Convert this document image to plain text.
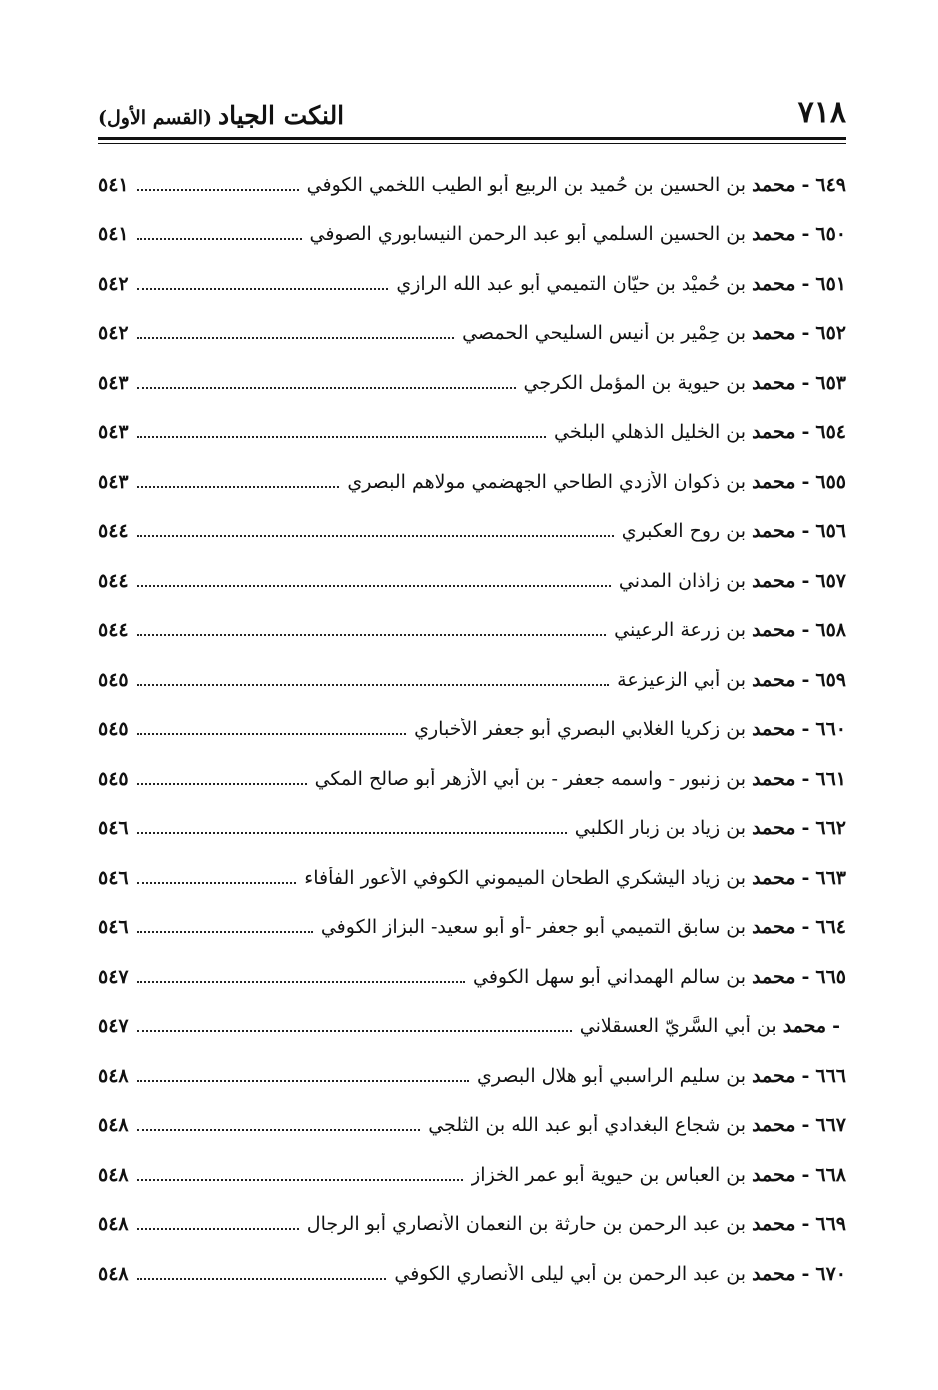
٧١٨
النكت الجياد
(القسم الأول)
٦٤٩
-
محمد بن الحسين بن حُميد بن الربيع أبو الطيب اللخمي الكوفي
٥٤١
٦٥٠
-
محمد بن الحسين السلمي أبو عبد الرحمن النيسابوري الصوفي
٥٤١
٦٥١
-
محمد بن حُميْد بن حيّان التميمي أبو عبد الله الرازي
٥٤٢
٦٥٢
-
محمد بن حِمْير بن أنيس السليحي الحمصي
٥٤٢
٦٥٣
-
محمد بن حيوية بن المؤمل الكرجي
٥٤٣
٦٥٤
-
محمد بن الخليل الذهلي البلخي
٥٤٣
٦٥٥
-
محمد بن ذكوان الأزدي الطاحي الجهضمي مولاهم البصري
٥٤٣
٦٥٦
-
محمد بن روح العكبري
٥٤٤
٦٥٧
-
محمد بن زاذان المدني
٥٤٤
٦٥٨
-
محمد بن زرعة الرعيني
٥٤٤
٦٥٩
-
محمد بن أبي الزعيزعة
٥٤٥
٦٦٠
-
محمد بن زكريا الغلابي البصري أبو جعفر الأخباري
٥٤٥
٦٦١
-
محمد بن زنبور - واسمه جعفر - بن أبي الأزهر أبو صالح المكي
٥٤٥
٦٦٢
-
محمد بن زياد بن زبار الكلبي
٥٤٦
٦٦٣
-
محمد بن زياد اليشكري الطحان الميموني الكوفي الأعور الفأفاء
٥٤٦
٦٦٤
-
محمد بن سابق التميمي أبو جعفر -أو أبو سعيد- البزاز الكوفي
٥٤٦
٦٦٥
-
محمد بن سالم الهمداني أبو سهل الكوفي
٥٤٧
-
محمد بن أبي السَّرِيّ العسقلاني
٥٤٧
٦٦٦
-
محمد بن سليم الراسبي أبو هلال البصري
٥٤٨
٦٦٧
-
محمد بن شجاع البغدادي أبو عبد الله بن الثلجي
٥٤٨
٦٦٨
-
محمد بن العباس بن حيوية أبو عمر الخزاز
٥٤٨
٦٦٩
-
محمد بن عبد الرحمن بن حارثة بن النعمان الأنصاري أبو الرجال
٥٤٨
٦٧٠
-
محمد بن عبد الرحمن بن أبي ليلى الأنصاري الكوفي
٥٤٨
